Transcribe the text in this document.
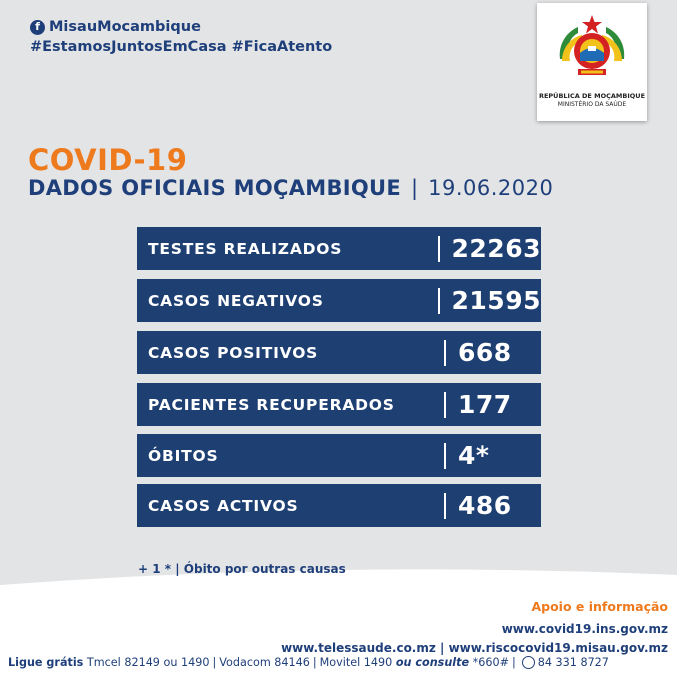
f MisauMocambique
#EstamosJuntosEmCasa #FicaAtento
REPÚBLICA DE MOÇAMBIQUE
MINISTÉRIO DA SAÚDE
COVID-19
DADOS OFICIAIS MOÇAMBIQUE | 19.06.2020
TESTES REALIZADOS	22263
CASOS NEGATIVOS	21595
CASOS POSITIVOS	668
PACIENTES RECUPERADOS	177
ÓBITOS	4*
CASOS ACTIVOS	486
+ 1 * | Óbito por outras causas
Apoio e informação
www.covid19.ins.gov.mz
www.telessaude.co.mz | www.riscocovid19.misau.gov.mz
Ligue grátis
Tmcel 82149 ou 1490 | Vodacom 84146 | Movitel 1490
ou consulte
*660# | 84 331 8727
